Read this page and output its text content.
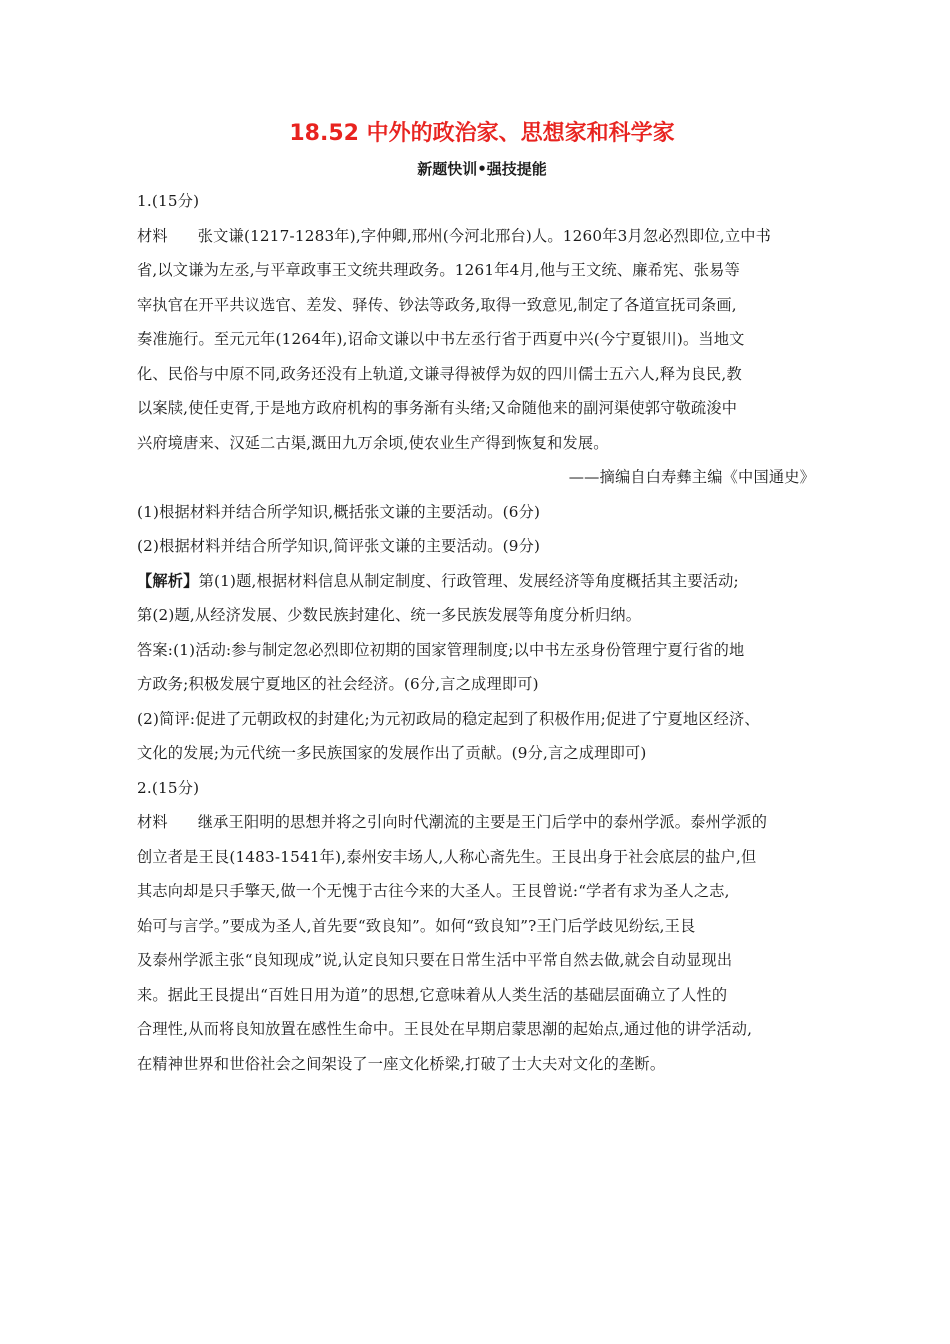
18.52 中外的政治家、思想家和科学家
新题快训•强技提能
1.(15分)
材料 张文谦(1217-1283年),字仲卿,邢州(今河北邢台)人。1260年3月忽必烈即位,立中书
省,以文谦为左丞,与平章政事王文统共理政务。1261年4月,他与王文统、廉希宪、张易等
宰执官在开平共议选官、差发、驿传、钞法等政务,取得一致意见,制定了各道宣抚司条画,
奏准施行。至元元年(1264年),诏命文谦以中书左丞行省于西夏中兴(今宁夏银川)。当地文
化、民俗与中原不同,政务还没有上轨道,文谦寻得被俘为奴的四川儒士五六人,释为良民,教
以案牍,使任吏胥,于是地方政府机构的事务渐有头绪;又命随他来的副河渠使郭守敬疏浚中
兴府境唐来、汉延二古渠,溉田九万余顷,使农业生产得到恢复和发展。
——摘编自白寿彝主编《中国通史》
(1)根据材料并结合所学知识,概括张文谦的主要活动。(6分)
(2)根据材料并结合所学知识,简评张文谦的主要活动。(9分)
【解析】第(1)题,根据材料信息从制定制度、行政管理、发展经济等角度概括其主要活动;
第(2)题,从经济发展、少数民族封建化、统一多民族发展等角度分析归纳。
答案:(1)活动:参与制定忽必烈即位初期的国家管理制度;以中书左丞身份管理宁夏行省的地
方政务;积极发展宁夏地区的社会经济。(6分,言之成理即可)
(2)简评:促进了元朝政权的封建化;为元初政局的稳定起到了积极作用;促进了宁夏地区经济、
文化的发展;为元代统一多民族国家的发展作出了贡献。(9分,言之成理即可)
2.(15分)
材料 继承王阳明的思想并将之引向时代潮流的主要是王门后学中的泰州学派。泰州学派的
创立者是王艮(1483-1541年),泰州安丰场人,人称心斋先生。王艮出身于社会底层的盐户,但
其志向却是只手擎天,做一个无愧于古往今来的大圣人。王艮曾说:“学者有求为圣人之志,
始可与言学。”要成为圣人,首先要“致良知”。如何“致良知”?王门后学歧见纷纭,王艮
及泰州学派主张“良知现成”说,认定良知只要在日常生活中平常自然去做,就会自动显现出
来。据此王艮提出“百姓日用为道”的思想,它意味着从人类生活的基础层面确立了人性的
合理性,从而将良知放置在感性生命中。王艮处在早期启蒙思潮的起始点,通过他的讲学活动,
在精神世界和世俗社会之间架设了一座文化桥梁,打破了士大夫对文化的垄断。
